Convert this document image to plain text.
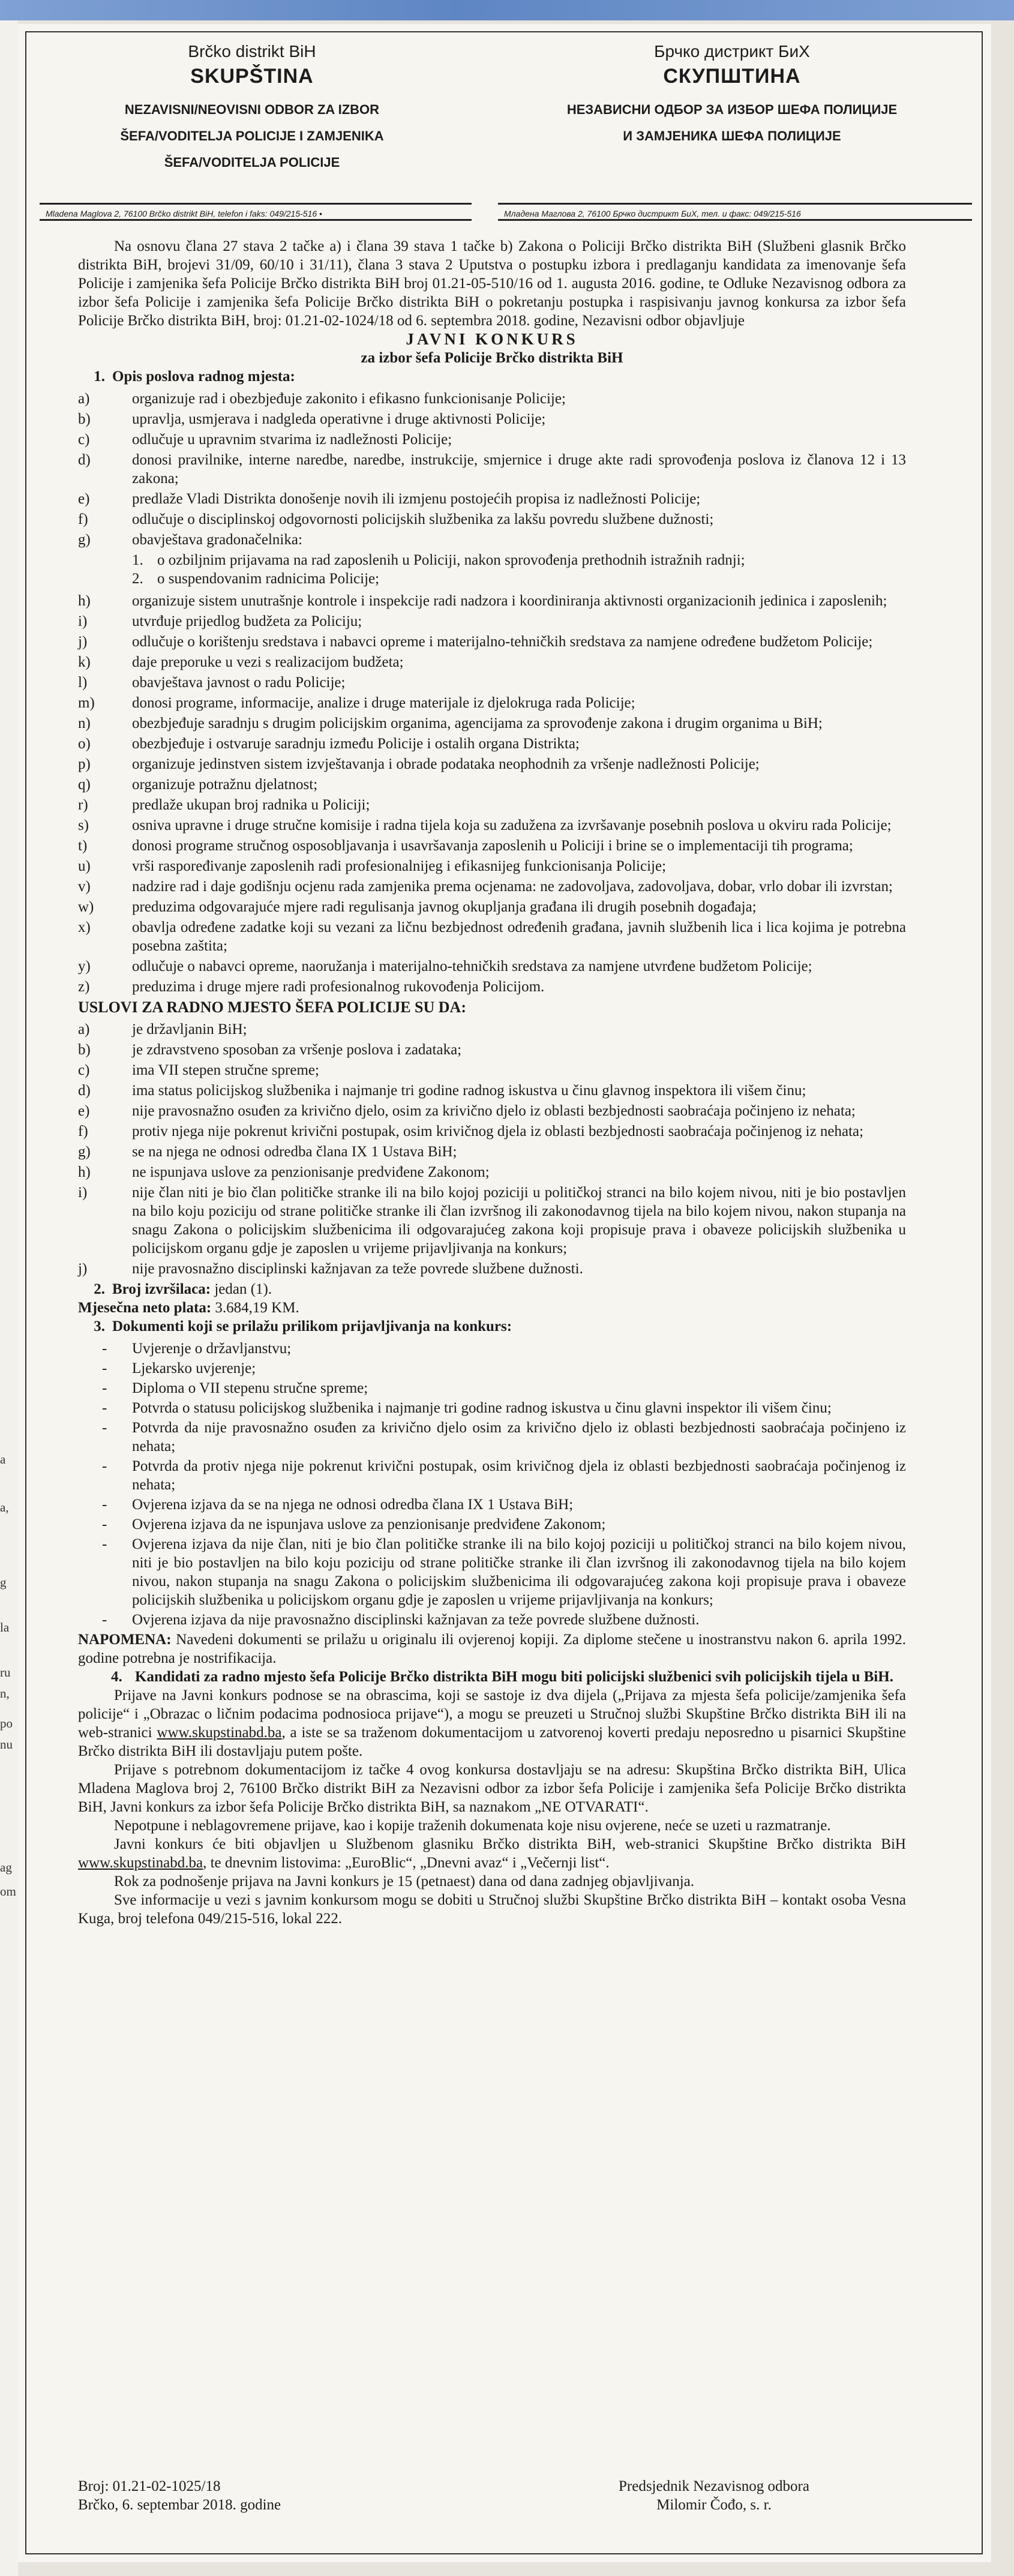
a
a,
g
la
ru
n,
ро
nu
ag
om
Brčko distrikt BiH
SKUPŠTINA
NEZAVISNI/NEOVISNI ODBOR ZA IZBOR
ŠEFA/VODITELJA POLICIJE I ZAMJENIKA
ŠEFA/VODITELJA POLICIJE
Брчко дистрикт БиХ
СКУПШТИНА
НЕЗАВИСНИ ОДБОР ЗА ИЗБОР ШЕФА ПОЛИЦИЈЕ
И ЗАМЈЕНИКА ШЕФА ПОЛИЦИЈЕ
Mladena Maglova 2, 76100 Brčko distrikt BiH, telefon i faks: 049/215-516 •	Младена Маглова 2, 76100 Брчко дистрикт БиХ, тел. и факс: 049/215-516

Na osnovu člana 27 stava 2 tačke a) i člana 39 stava 1 tačke b) Zakona o Policiji Brčko distrikta BiH (Službeni glasnik Brčko distrikta BiH, brojevi 31/09, 60/10 i 31/11), člana 3 stava 2 Uputstva o postupku izbora i predlaganju kandidata za imenovanje šefa Policije i zamjenika šefa Policije Brčko distrikta BiH broj 01.21-05-510/16 od 1. augusta 2016. godine, te Odluke Nezavisnog odbora za izbor šefa Policije i zamjenika šefa Policije Brčko distrikta BiH o pokretanju postupka i raspisivanju javnog konkursa za izbor šefa Policije Brčko distrikta BiH, broj: 01.21-02-1024/18 od 6. septembra 2018. godine, Nezavisni odbor objavljuje

JAVNI KONKURS

za izbor šefa Policije Brčko distrikta BiH

1. Opis poslova radnog mjesta:

a)	organizuje rad i obezbjeđuje zakonito i efikasno funkcionisanje Policije;
b)	upravlja, usmjerava i nadgleda operativne i druge aktivnosti Policije;
c)	odlučuje u upravnim stvarima iz nadležnosti Policije;
d)	donosi pravilnike, interne naredbe, naredbe, instrukcije, smjernice i druge akte radi sprovođenja poslova iz članova 12 i 13 zakona;
e)	predlaže Vladi Distrikta donošenje novih ili izmjenu postojećih propisa iz nadležnosti Policije;
f)	odlučuje o disciplinskoj odgovornosti policijskih službenika za lakšu povredu službene dužnosti;
g)	obavještava gradonačelnika:
1. o ozbiljnim prijavama na rad zaposlenih u Policiji, nakon sprovođenja prethodnih istražnih radnji;
2. o suspendovanim radnicima Policije;
h)	organizuje sistem unutrašnje kontrole i inspekcije radi nadzora i koordiniranja aktivnosti organizacionih jedinica i zaposlenih;
i)	utvrđuje prijedlog budžeta za Policiju;
j)	odlučuje o korištenju sredstava i nabavci opreme i materijalno-tehničkih sredstava za namjene određene budžetom Policije;
k)	daje preporuke u vezi s realizacijom budžeta;
l)	obavještava javnost o radu Policije;
m) donosi programe, informacije, analize i druge materijale iz djelokruga rada Policije;
n)	obezbjeđuje saradnju s drugim policijskim organima, agencijama za sprovođenje zakona i drugim organima u BiH;
o)	obezbjeđuje i ostvaruje saradnju između Policije i ostalih organa Distrikta;
p)	organizuje jedinstven sistem izvještavanja i obrade podataka neophodnih za vršenje nadležnosti Policije;
q)	organizuje potražnu djelatnost;
r)	predlaže ukupan broj radnika u Policiji;
s)	osniva upravne i druge stručne komisije i radna tijela koja su zadužena za izvršavanje posebnih poslova u okviru rada Policije;
t)	donosi programe stručnog osposobljavanja i usavršavanja zaposlenih u Policiji i brine se o implementaciji tih programa;
u)	vrši raspoređivanje zaposlenih radi profesionalnijeg i efikasnijeg funkcionisanja Policije;
v)	nadzire rad i daje godišnju ocjenu rada zamjenika prema ocjenama: ne zadovoljava, zadovoljava, dobar, vrlo dobar ili izvrstan;
w)	preduzima odgovarajuće mjere radi regulisanja javnog okupljanja građana ili drugih posebnih događaja;
x)	obavlja određene zadatke koji su vezani za ličnu bezbjednost određenih građana, javnih službenih lica i lica kojima je potrebna posebna zaštita;
y)	odlučuje o nabavci opreme, naoružanja i materijalno-tehničkih sredstava za namjene utvrđene budžetom Policije;
z)	preduzima i druge mjere radi profesionalnog rukovođenja Policijom.

USLOVI ZA RADNO MJESTO ŠEFA POLICIJE SU DA:

a)	je državljanin BiH;
b)	je zdravstveno sposoban za vršenje poslova i zadataka;
c)	ima VII stepen stručne spreme;
d)	ima status policijskog službenika i najmanje tri godine radnog iskustva u činu glavnog inspektora ili višem činu;
e)	nije pravosnažno osuđen za krivično djelo, osim za krivično djelo iz oblasti bezbjednosti saobraćaja počinjeno iz nehata;
f)	protiv njega nije pokrenut krivični postupak, osim krivičnog djela iz oblasti bezbjednosti saobraćaja počinjenog iz nehata;
g)	se na njega ne odnosi odredba člana IX 1 Ustava BiH;
h)	ne ispunjava uslove za penzionisanje predviđene Zakonom;
i)	nije član niti je bio član političke stranke ili na bilo kojoj poziciji u političkoj stranci na bilo kojem nivou, niti je bio postavljen na bilo koju poziciju od strane političke stranke ili član izvršnog ili zakonodavnog tijela na bilo kojem nivou, nakon stupanja na snagu Zakona o policijskim službenicima ili odgovarajućeg zakona koji propisuje prava i obaveze policijskih službenika u policijskom organu gdje je zaposlen u vrijeme prijavljivanja na konkurs;
j)	nije pravosnažno disciplinski kažnjavan za teže povrede službene dužnosti.

2. Broj izvršilaca: jedan (1).

Mjesečna neto plata: 3.684,19 KM.

3. Dokumenti koji se prilažu prilikom prijavljivanja na konkurs:

- Uvjerenje o državljanstvu;
- Ljekarsko uvjerenje;
- Diploma o VII stepenu stručne spreme;
- Potvrda o statusu policijskog službenika i najmanje tri godine radnog iskustva u činu glavni inspektor ili višem činu;
- Potvrda da nije pravosnažno osuđen za krivično djelo osim za krivično djelo iz oblasti bezbjednosti saobraćaja počinjeno iz nehata;
- Potvrda da protiv njega nije pokrenut krivični postupak, osim krivičnog djela iz oblasti bezbjednosti saobraćaja počinjenog iz nehata;
- Ovjerena izjava da se na njega ne odnosi odredba člana IX 1 Ustava BiH;
- Ovjerena izjava da ne ispunjava uslove za penzionisanje predviđene Zakonom;
- Ovjerena izjava da nije član, niti je bio član političke stranke ili na bilo kojoj poziciji u političkoj stranci na bilo kojem nivou, niti je bio postavljen na bilo koju poziciju od strane političke stranke ili član izvršnog ili zakonodavnog tijela na bilo kojem nivou, nakon stupanja na snagu Zakona o policijskim službenicima ili odgovarajućeg zakona koji propisuje prava i obaveze policijskih službenika u policijskom organu gdje je zaposlen u vrijeme prijavljivanja na konkurs;
- Ovjerena izjava da nije pravosnažno disciplinski kažnjavan za teže povrede službene dužnosti.

NAPOMENA: Navedeni dokumenti se prilažu u originalu ili ovjerenoj kopiji. Za diplome stečene u inostranstvu nakon 6. aprila 1992. godine potrebna je nostrifikacija.

4. Kandidati za radno mjesto šefa Policije Brčko distrikta BiH mogu biti policijski službenici svih policijskih tijela u BiH.

Prijave na Javni konkurs podnose se na obrascima, koji se sastoje iz dva dijela („Prijava za mjesta šefa policije/zamjenika šefa policije“ i „Obrazac o ličnim podacima podnosioca prijave“), a mogu se preuzeti u Stručnoj službi Skupštine Brčko distrikta BiH ili na web-stranici www.skupstinabd.ba, a iste se sa traženom dokumentacijom u zatvorenoj koverti predaju neposredno u pisarnici Skupštine Brčko distrikta BiH ili dostavljaju putem pošte.

Prijave s potrebnom dokumentacijom iz tačke 4 ovog konkursa dostavljaju se na adresu: Skupština Brčko distrikta BiH, Ulica Mladena Maglova broj 2, 76100 Brčko distrikt BiH za Nezavisni odbor za izbor šefa Policije i zamjenika šefa Policije Brčko distrikta BiH, Javni konkurs za izbor šefa Policije Brčko distrikta BiH, sa naznakom „NE OTVARATI“.

Nepotpune i neblagovremene prijave, kao i kopije traženih dokumenata koje nisu ovjerene, neće se uzeti u razmatranje.

Javni konkurs će biti objavljen u Službenom glasniku Brčko distrikta BiH, web-stranici Skupštine Brčko distrikta BiH www.skupstinabd.ba, te dnevnim listovima: „EuroBlic“, „Dnevni avaz“ i „Večernji list“.

Rok za podnošenje prijava na Javni konkurs je 15 (petnaest) dana od dana zadnjeg objavljivanja.

Sve informacije u vezi s javnim konkursom mogu se dobiti u Stručnoj službi Skupštine Brčko distrikta BiH – kontakt osoba Vesna Kuga, broj telefona 049/215-516, lokal 222.

Broj: 01.21-02-1025/18
Brčko, 6. septembar 2018. godine
Predsjednik Nezavisnog odbora
Milomir Čođo, s. r.
